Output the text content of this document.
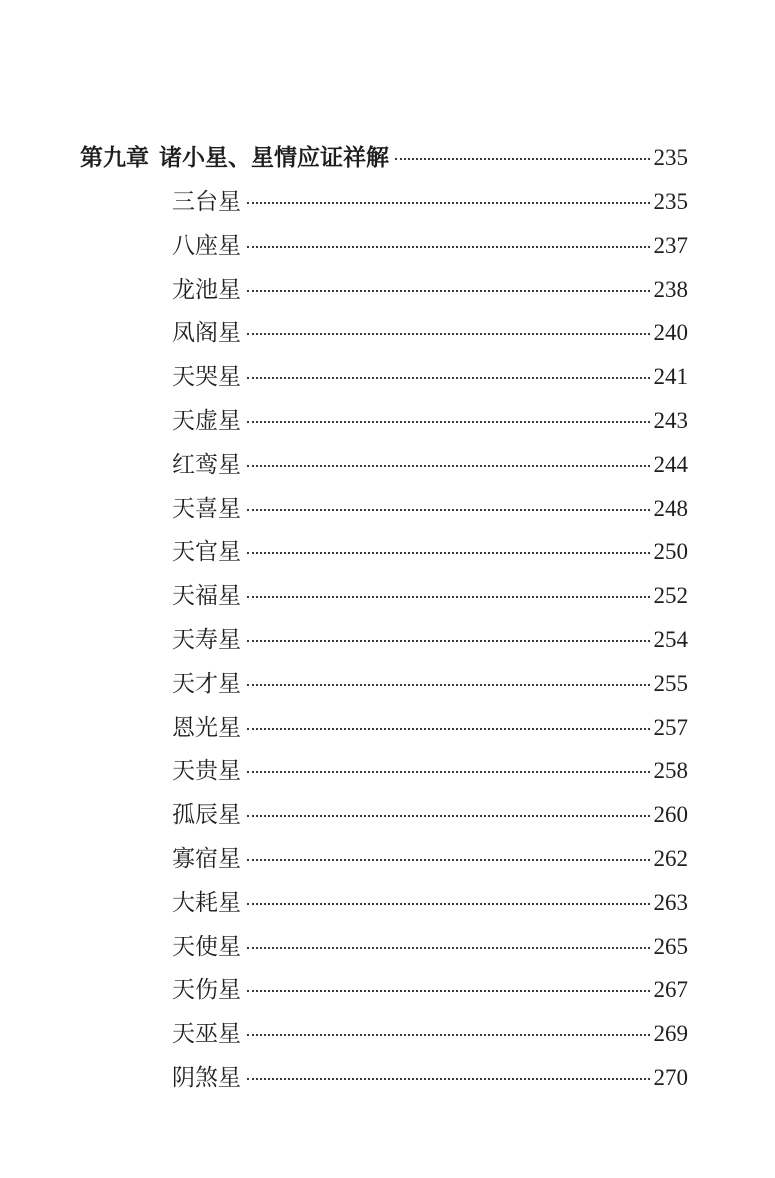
第九章 诸小星、星情应证祥解	235
三台星	235
八座星	237
龙池星	238
凤阁星	240
天哭星	241
天虚星	243
红鸾星	244
天喜星	248
天官星	250
天福星	252
天寿星	254
天才星	255
恩光星	257
天贵星	258
孤辰星	260
寡宿星	262
大耗星	263
天使星	265
天伤星	267
天巫星	269
阴煞星	270
